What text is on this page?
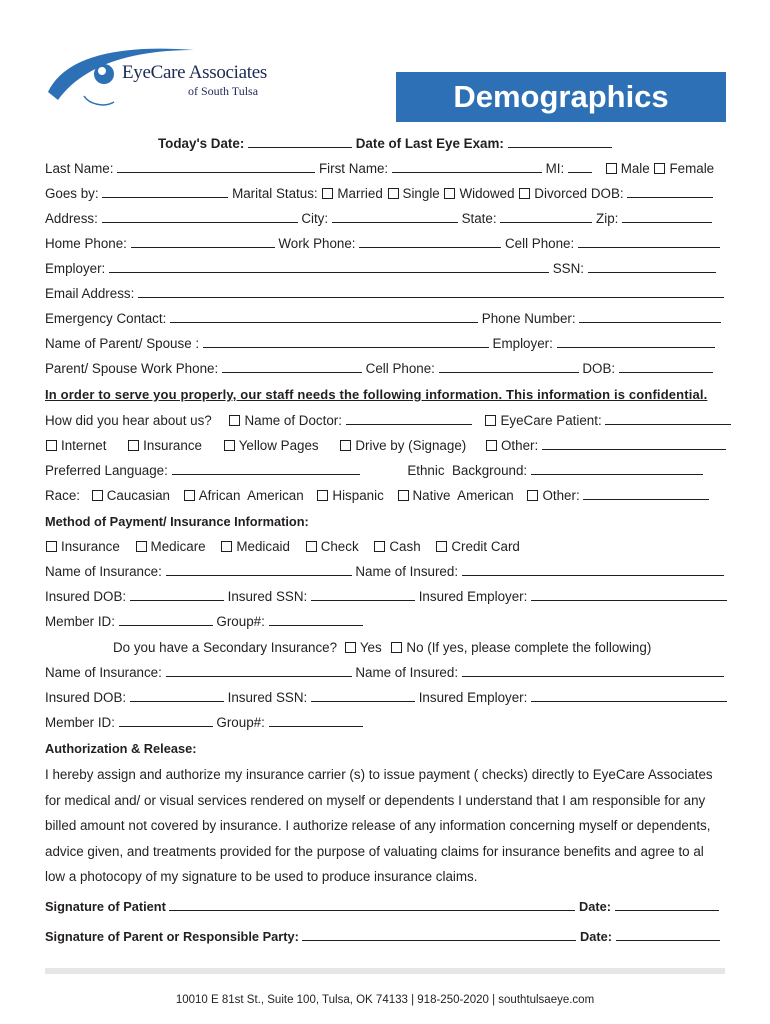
EyeCare Associates
of South Tulsa	Demographics
Today's Date:	Date of Last Eye Exam:
Last Name:	First Name:	MI:	Male Female
Goes by:	Marital Status: Married Single Widowed Divorced DOB:
Address:	City:	State:	Zip:
Home Phone:	Work Phone:	Cell Phone:
Employer:	SSN:
Email Address:
Emergency Contact:	Phone Number:
Name of Parent/ Spouse :	Employer:
Parent/ Spouse Work Phone:	Cell Phone:	DOB:
In order to serve you properly, our staff needs the following information. This information is confidential.
How did you hear about us? Name of Doctor:	EyeCare Patient:
Internet	Insurance	Yellow Pages	Drive by (Signage)	Other:
Preferred Language:	Ethnic  Background:
Race: Caucasian African  American Hispanic Native  American Other:
Method of Payment/ Insurance Information:
Insurance Medicare Medicaid Check Cash Credit Card
Name of Insurance:	Name of Insured:
Insured DOB:	Insured SSN:	Insured Employer:
Member ID:	Group#:
Do you have a Secondary Insurance? Yes No (If yes, please complete the following)
Name of Insurance:	Name of Insured:
Insured DOB:	Insured SSN:	Insured Employer:
Member ID:	Group#:
Authorization & Release:

I hereby assign and authorize my insurance carrier (s) to issue payment ( checks) directly to EyeCare Associates

for medical and/ or visual services rendered on myself or dependents I understand that I am responsible for any

billed amount not covered by insurance. I authorize release of any information concerning myself or dependents,

advice given, and treatments provided for the purpose of valuating claims for insurance benefits and agree to al

low a photocopy of my signature to be used to produce insurance claims.

Signature of Patient	Date:
Signature of Parent or Responsible Party:	Date:
10010 E 81st St., Suite 100, Tulsa, OK 74133 | 918-250-2020 | southtulsaeye.com
